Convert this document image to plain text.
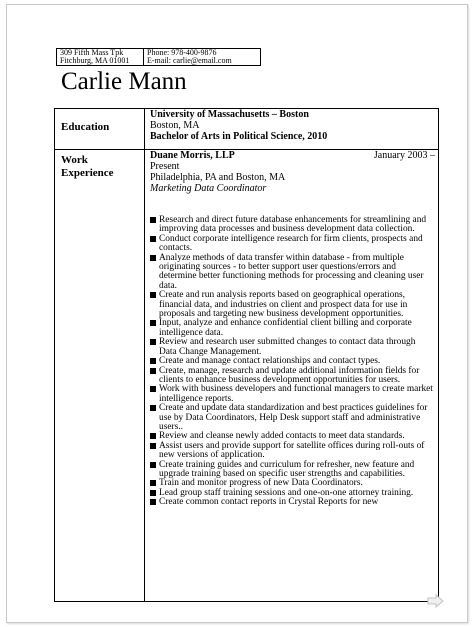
309 Fifth Mass Tpk
Fitchburg, MA 01001
Phone: 978-400-9876
E-mail: carlie@email.com
Carlie Mann
Education
University of Massachusetts – Boston
Boston, MA
Bachelor of Arts in Political Science, 2010
Work
Experience
Duane Morris, LLP	January 2003 –
Present
Philadelphia, PA and Boston, MA
Marketing Data Coordinator
Research and direct future database enhancements for streamlining and improving data processes and business development data collection.
Conduct corporate intelligence research for firm clients, prospects and contacts.
Analyze methods of data transfer within database - from multiple originating sources - to better support user questions/errors and determine better functioning methods for processing and cleaning user data.
Create and run analysis reports based on geographical operations, financial data, and industries on client and prospect data for use in proposals and targeting new business development opportunities.
Input, analyze and enhance confidential client billing and corporate intelligence data.
Review and research user submitted changes to contact data through Data Change Management.
Create and manage contact relationships and contact types.
Create, manage, research and update additional information fields for clients to enhance business development opportunities for users.
Work with business developers and functional managers to create market intelligence reports.
Create and update data standardization and best practices guidelines for use by Data Coordinators, Help Desk support staff and administrative users..
Review and cleanse newly added contacts to meet data standards.
Assist users and provide support for satellite offices during roll-outs of new versions of application.
Create training guides and curriculum for refresher, new feature and upgrade training based on specific user strengths and capabilities.
Train and monitor progress of new Data Coordinators.
Lead group staff training sessions and one-on-one attorney training.
Create common contact reports in Crystal Reports for new
